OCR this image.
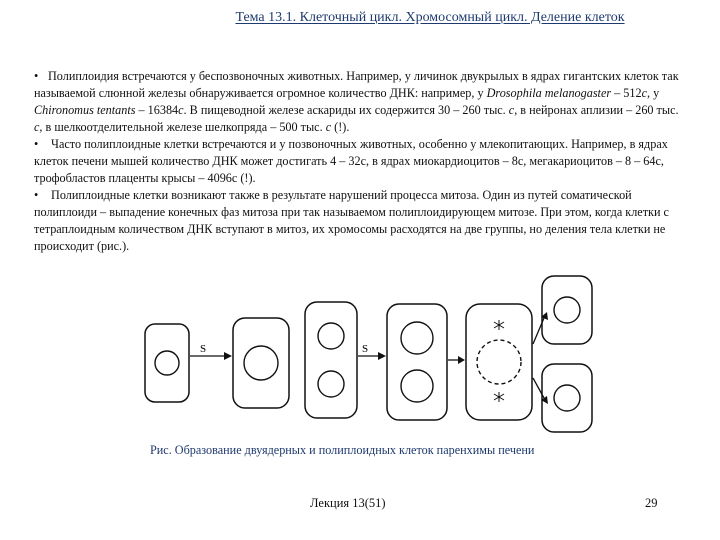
Тема 13.1. Клеточный цикл. Хромосомный цикл. Деление клеток

• Полиплоидия встречаются у беспозвоночных животных. Например, у личинок двукрылых в ядрах гигантских клеток так называемой слюнной железы обнаруживается огромное количество ДНК: например, у Drosophila melanogaster – 512c, у Chironomus tentants – 16384c. В пищеводной железе аскариды их содержится 30 – 260 тыс. c, в нейронах аплизии – 260 тыс. c, в шелкоотделительной железе шелкопряда – 500 тыс. c (!).

• Часто полиплоидные клетки встречаются и у позвоночных животных, особенно у млекопитающих. Например, в ядрах клеток печени мышей количество ДНК может достигать 4 – 32c, в ядрах миокардиоцитов – 8c, мегакариоцитов – 8 – 64c, трофобластов плаценты крысы – 4096c (!).

• Полиплоидные клетки возникают также в результате нарушений процесса митоза. Один из путей соматической полиплоиди – выпадение конечных фаз митоза при так называемом полиплоидирующем митозе. При этом, когда клетки с тетраплоидным количеством ДНК вступают в митоз, их хромосомы расходятся на две группы, но деления тела клетки не происходит (рис.).

S	S
Рис. Образование двуядерных и полиплоидных клеток паренхимы печени
Лекция 13(51)	29
